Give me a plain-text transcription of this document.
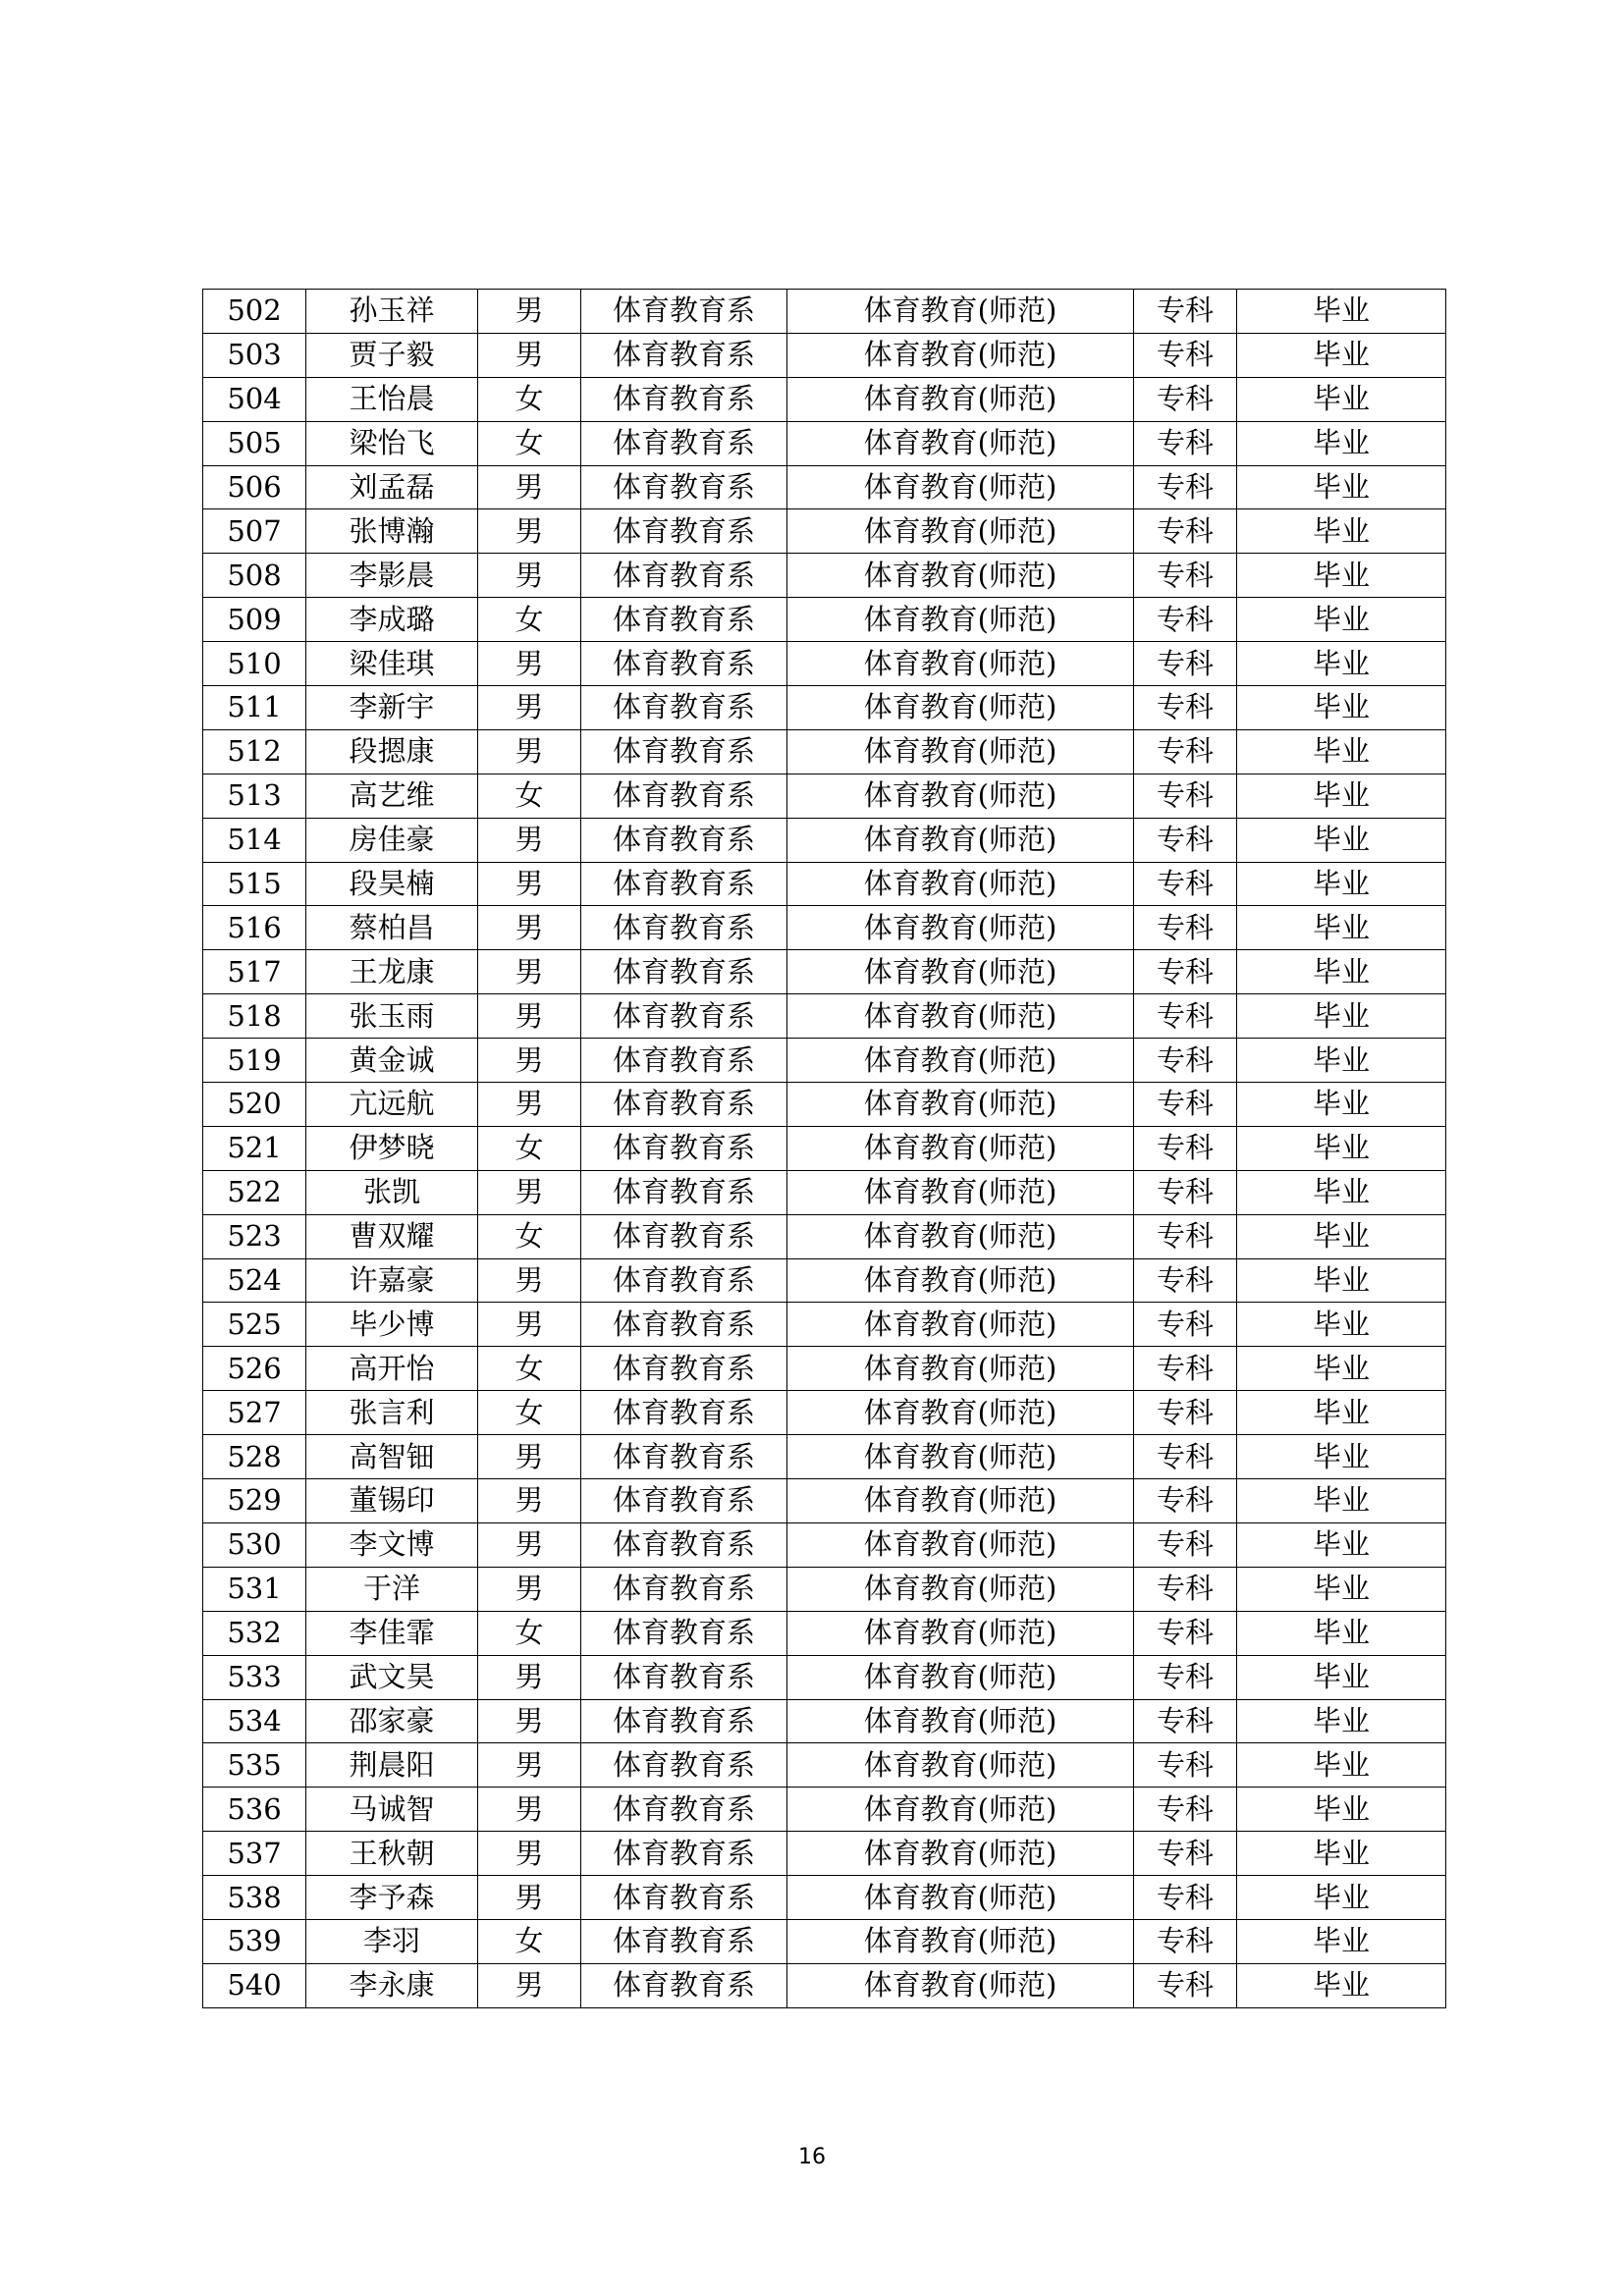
502	孙玉祥	男	体育教育系	体育教育(师范)	专科	毕业
503	贾子毅	男	体育教育系	体育教育(师范)	专科	毕业
504	王怡晨	女	体育教育系	体育教育(师范)	专科	毕业
505	梁怡飞	女	体育教育系	体育教育(师范)	专科	毕业
506	刘孟磊	男	体育教育系	体育教育(师范)	专科	毕业
507	张博瀚	男	体育教育系	体育教育(师范)	专科	毕业
508	李影晨	男	体育教育系	体育教育(师范)	专科	毕业
509	李成璐	女	体育教育系	体育教育(师范)	专科	毕业
510	梁佳琪	男	体育教育系	体育教育(师范)	专科	毕业
511	李新宇	男	体育教育系	体育教育(师范)	专科	毕业
512	段摁康	男	体育教育系	体育教育(师范)	专科	毕业
513	高艺维	女	体育教育系	体育教育(师范)	专科	毕业
514	房佳豪	男	体育教育系	体育教育(师范)	专科	毕业
515	段昊楠	男	体育教育系	体育教育(师范)	专科	毕业
516	蔡柏昌	男	体育教育系	体育教育(师范)	专科	毕业
517	王龙康	男	体育教育系	体育教育(师范)	专科	毕业
518	张玉雨	男	体育教育系	体育教育(师范)	专科	毕业
519	黄金诚	男	体育教育系	体育教育(师范)	专科	毕业
520	亢远航	男	体育教育系	体育教育(师范)	专科	毕业
521	伊梦晓	女	体育教育系	体育教育(师范)	专科	毕业
522	张凯	男	体育教育系	体育教育(师范)	专科	毕业
523	曹双耀	女	体育教育系	体育教育(师范)	专科	毕业
524	许嘉豪	男	体育教育系	体育教育(师范)	专科	毕业
525	毕少博	男	体育教育系	体育教育(师范)	专科	毕业
526	高开怡	女	体育教育系	体育教育(师范)	专科	毕业
527	张言利	女	体育教育系	体育教育(师范)	专科	毕业
528	高智钿	男	体育教育系	体育教育(师范)	专科	毕业
529	董锡印	男	体育教育系	体育教育(师范)	专科	毕业
530	李文博	男	体育教育系	体育教育(师范)	专科	毕业
531	于洋	男	体育教育系	体育教育(师范)	专科	毕业
532	李佳霏	女	体育教育系	体育教育(师范)	专科	毕业
533	武文昊	男	体育教育系	体育教育(师范)	专科	毕业
534	邵家豪	男	体育教育系	体育教育(师范)	专科	毕业
535	荆晨阳	男	体育教育系	体育教育(师范)	专科	毕业
536	马诚智	男	体育教育系	体育教育(师范)	专科	毕业
537	王秋朝	男	体育教育系	体育教育(师范)	专科	毕业
538	李予森	男	体育教育系	体育教育(师范)	专科	毕业
539	李羽	女	体育教育系	体育教育(师范)	专科	毕业
540	李永康	男	体育教育系	体育教育(师范)	专科	毕业
16
